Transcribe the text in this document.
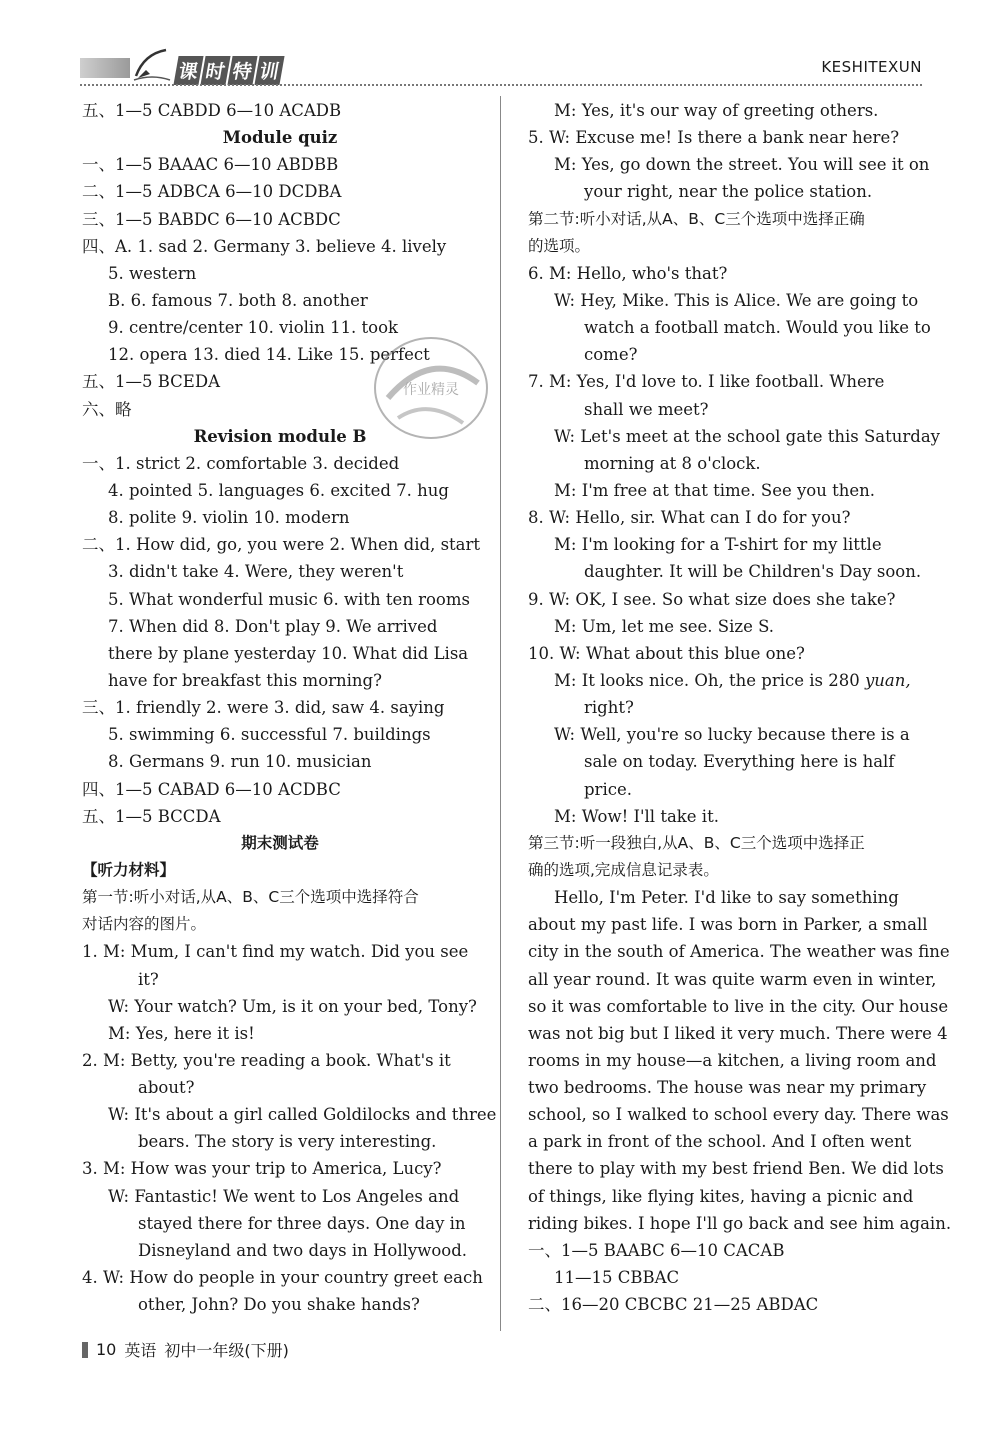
课 时 特 训	KESHITEXUN
五、1—5 CABDD 6—10 ACADB
Module quiz
一、1—5 BAAAC 6—10 ABDBB
二、1—5 ADBCA 6—10 DCDBA
三、1—5 BABDC 6—10 ACBDC
四、A. 1. sad 2. Germany 3. believe 4. lively
5. western
B. 6. famous 7. both 8. another
9. centre/center 10. violin 11. took
12. opera 13. died 14. Like 15. perfect
五、1—5 BCEDA
六、略
Revision module B
一、1. strict 2. comfortable 3. decided
4. pointed 5. languages 6. excited 7. hug
8. polite 9. violin 10. modern
二、1. How did, go, you were 2. When did, start
3. didn't take 4. Were, they weren't
5. What wonderful music 6. with ten rooms
7. When did 8. Don't play 9. We arrived
there by plane yesterday 10. What did Lisa
have for breakfast this morning?
三、1. friendly 2. were 3. did, saw 4. saying
5. swimming 6. successful 7. buildings
8. Germans 9. run 10. musician
四、1—5 CABAD 6—10 ACDBC
五、1—5 BCCDA
期末测试卷
【听力材料】
第一节:听小对话,从A、B、C三个选项中选择符合
对话内容的图片。
1. M: Mum, I can't find my watch. Did you see
it?
W: Your watch? Um, is it on your bed, Tony?
M: Yes, here it is!
2. M: Betty, you're reading a book. What's it
about?
W: It's about a girl called Goldilocks and three
bears. The story is very interesting.
3. M: How was your trip to America, Lucy?
W: Fantastic! We went to Los Angeles and
stayed there for three days. One day in
Disneyland and two days in Hollywood.
4. W: How do people in your country greet each
other, John? Do you shake hands?
作业精灵
M: Yes, it's our way of greeting others.
5. W: Excuse me! Is there a bank near here?
M: Yes, go down the street. You will see it on
your right, near the police station.
第二节:听小对话,从A、B、C三个选项中选择正确
的选项。
6. M: Hello, who's that?
W: Hey, Mike. This is Alice. We are going to
watch a football match. Would you like to
come?
7. M: Yes, I'd love to. I like football. Where
shall we meet?
W: Let's meet at the school gate this Saturday
morning at 8 o'clock.
M: I'm free at that time. See you then.
8. W: Hello, sir. What can I do for you?
M: I'm looking for a T-shirt for my little
daughter. It will be Children's Day soon.
9. W: OK, I see. So what size does she take?
M: Um, let me see. Size S.
10. W: What about this blue one?
M: It looks nice. Oh, the price is 280 yuan,
right?
W: Well, you're so lucky because there is a
sale on today. Everything here is half
price.
M: Wow! I'll take it.
第三节:听一段独白,从A、B、C三个选项中选择正
确的选项,完成信息记录表。
Hello, I'm Peter. I'd like to say something
about my past life. I was born in Parker, a small
city in the south of America. The weather was fine
all year round. It was quite warm even in winter,
so it was comfortable to live in the city. Our house
was not big but I liked it very much. There were 4
rooms in my house—a kitchen, a living room and
two bedrooms. The house was near my primary
school, so I walked to school every day. There was
a park in front of the school. And I often went
there to play with my best friend Ben. We did lots
of things, like flying kites, having a picnic and
riding bikes. I hope I'll go back and see him again.
一、1—5 BAABC 6—10 CACAB
11—15 CBBAC
二、16—20 CBCBC 21—25 ABDAC
10 英语 初中一年级(下册)
